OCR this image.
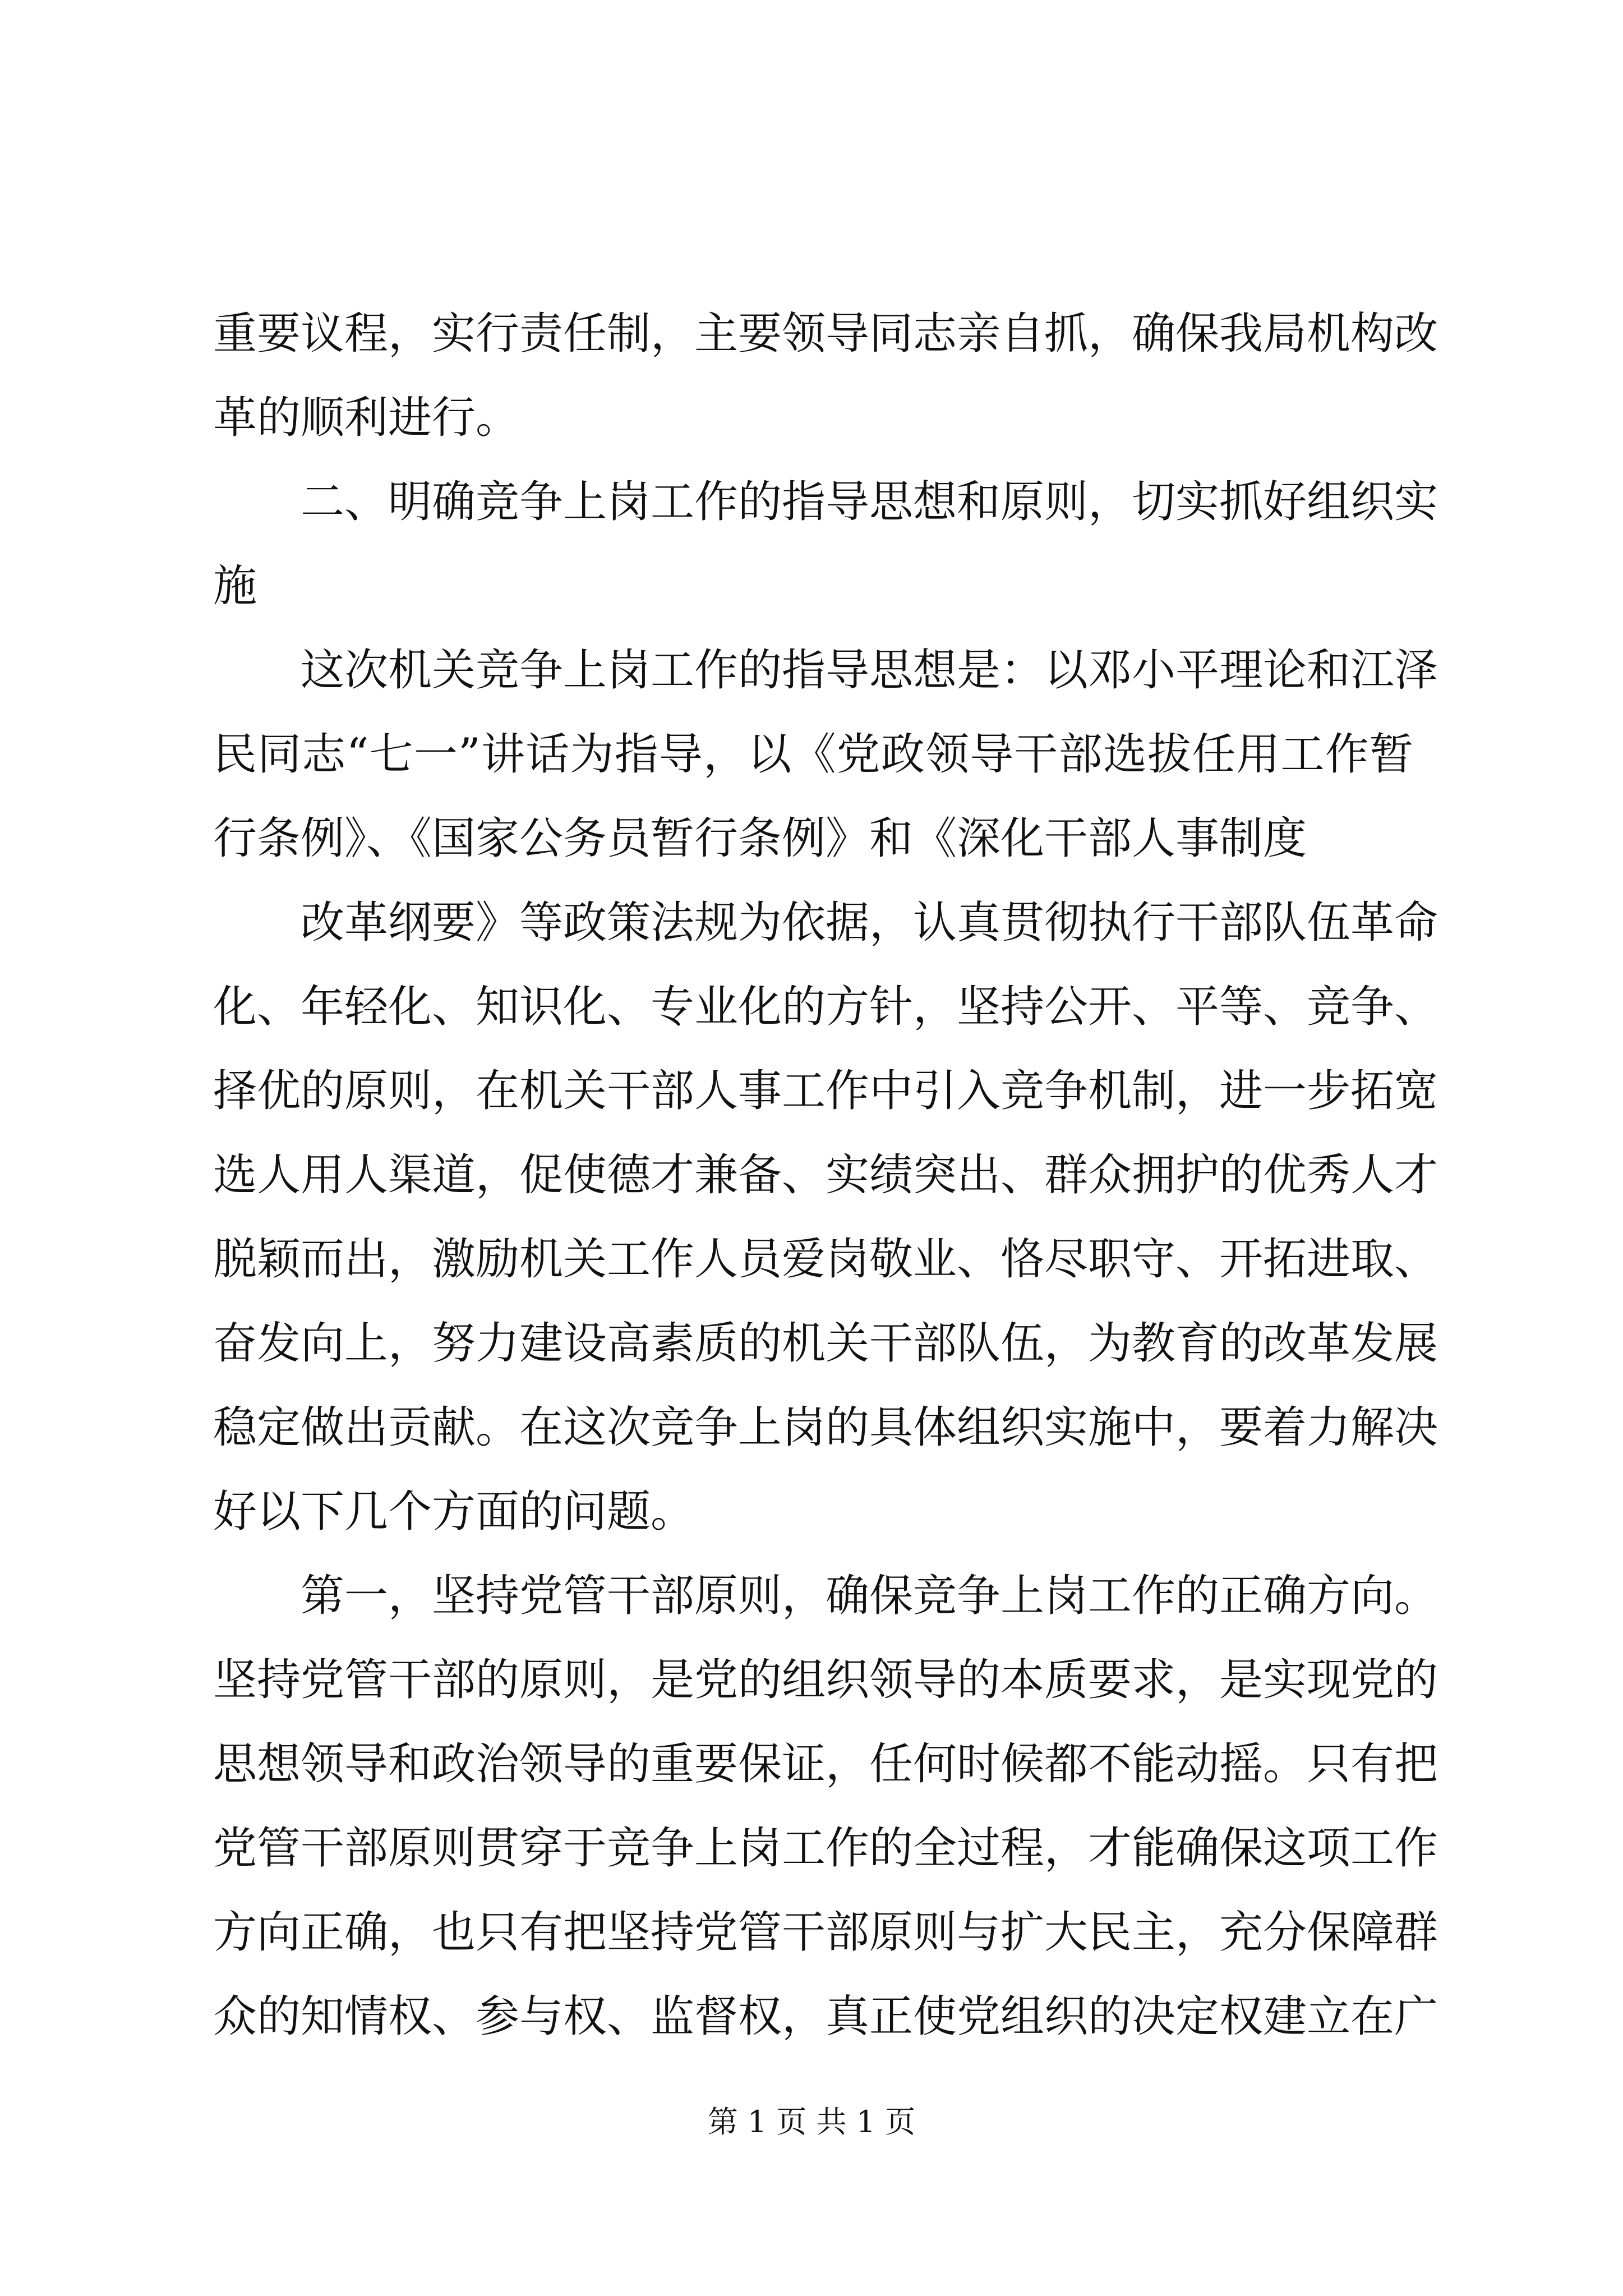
重要议程，实行责任制，主要领导同志亲自抓，确保我局机构改
革的顺利进行。
二、明确竞争上岗工作的指导思想和原则，切实抓好组织实
施
这次机关竞争上岗工作的指导思想是：以邓小平理论和江泽
民同志“七一”讲话为指导，以《党政领导干部选拔任用工作暂
行条例》、《国家公务员暂行条例》和《深化干部人事制度
改革纲要》等政策法规为依据，认真贯彻执行干部队伍革命
化、年轻化、知识化、专业化的方针，坚持公开、平等、竞争、
择优的原则，在机关干部人事工作中引入竞争机制，进一步拓宽
选人用人渠道，促使德才兼备、实绩突出、群众拥护的优秀人才
脱颖而出，激励机关工作人员爱岗敬业、恪尽职守、开拓进取、
奋发向上，努力建设高素质的机关干部队伍，为教育的改革发展
稳定做出贡献。在这次竞争上岗的具体组织实施中，要着力解决
好以下几个方面的问题。
第一，坚持党管干部原则，确保竞争上岗工作的正确方向。
坚持党管干部的原则，是党的组织领导的本质要求，是实现党的
思想领导和政治领导的重要保证，任何时候都不能动摇。只有把
党管干部原则贯穿于竞争上岗工作的全过程，才能确保这项工作
方向正确，也只有把坚持党管干部原则与扩大民主，充分保障群
众的知情权、参与权、监督权，真正使党组织的决定权建立在广
第 1 页 共 1 页
